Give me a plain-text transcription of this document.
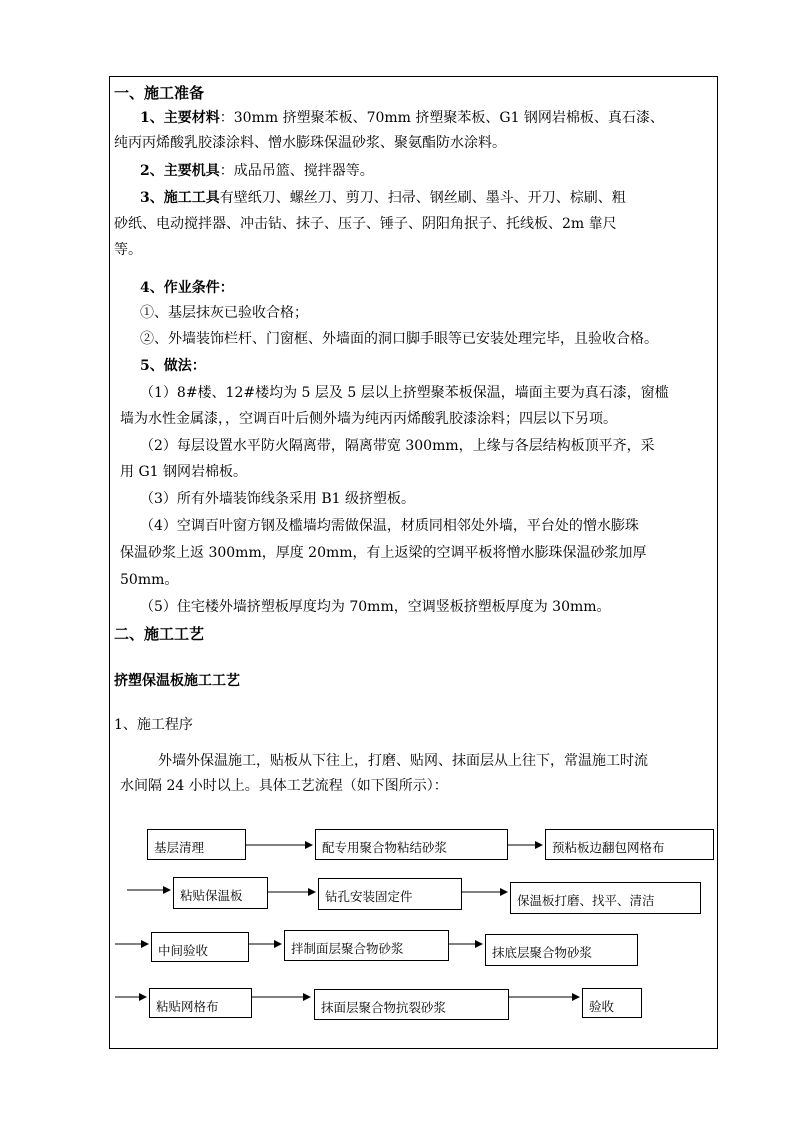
一、施工准备
1、主要材料：30mm 挤塑聚苯板、70mm 挤塑聚苯板、G1 钢网岩棉板、真石漆、
纯丙丙烯酸乳胶漆涂料、憎水膨珠保温砂浆、聚氨酯防水涂料。
2、主要机具：成品吊篮、搅拌器等。
3、施工工具有壁纸刀、螺丝刀、剪刀、扫帚、钢丝刷、墨斗、开刀、棕刷、粗
砂纸、电动搅拌器、冲击钻、抹子、压子、锤子、阴阳角抿子、托线板、2m 靠尺
等。
4、作业条件：
①、基层抹灰已验收合格；
②、外墙装饰栏杆、门窗框、外墙面的洞口脚手眼等已安装处理完毕，且验收合格。
5、做法：
（1）8#楼、12#楼均为 5 层及 5 层以上挤塑聚苯板保温，墙面主要为真石漆，窗槛
墙为水性金属漆，，空调百叶后侧外墙为纯丙丙烯酸乳胶漆涂料；四层以下另项。
（2）每层设置水平防火隔离带，隔离带宽 300mm，上缘与各层结构板顶平齐，采
用 G1 钢网岩棉板。
（3）所有外墙装饰线条采用 B1 级挤塑板。
（4）空调百叶窗方钢及槛墙均需做保温，材质同相邻处外墙，平台处的憎水膨珠
保温砂浆上返 300mm，厚度 20mm，有上返梁的空调平板将憎水膨珠保温砂浆加厚
50mm。
（5）住宅楼外墙挤塑板厚度均为 70mm，空调竖板挤塑板厚度为 30mm。
二、施工工艺
挤塑保温板施工工艺
1、施工程序
外墙外保温施工，贴板从下往上，打磨、贴网、抹面层从上往下，常温施工时流
水间隔 24 小时以上。具体工艺流程（如下图所示）：
基层清理	配专用聚合物粘结砂浆	预粘板边翻包网格布
粘贴保温板	钻孔安装固定件	保温板打磨、找平、清洁
中间验收	拌制面层聚合物砂浆	抹底层聚合物砂浆
粘贴网格布	抹面层聚合物抗裂砂浆	验收
